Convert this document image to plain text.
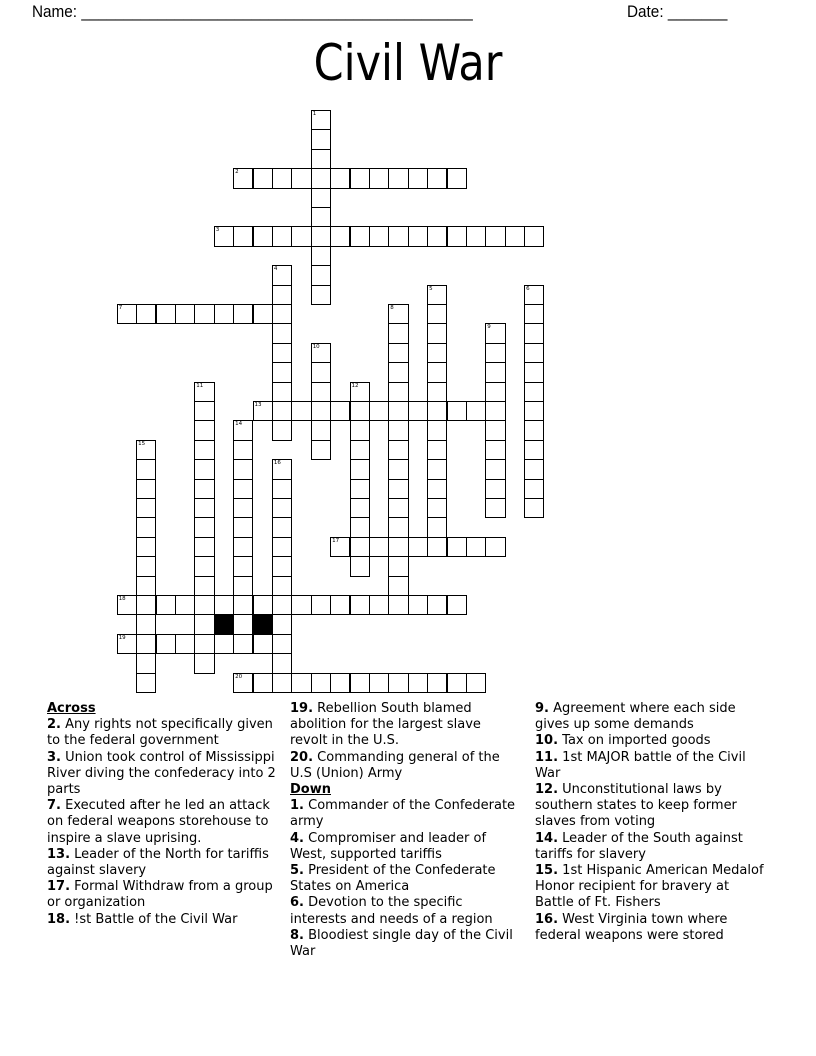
Name: ______________________________________________	Date: _______
Civil War
1
2
3
4
5	6
7	8
9
10
11	12
13
14
15
16
17
18
19
20
Across
2. Any rights not specifically given to the federal government
3. Union took control of Mississippi River diving the confederacy into 2 parts
7. Executed after he led an attack on federal weapons storehouse to inspire a slave uprising.
13. Leader of the North for tariffis against slavery
17. Formal Withdraw from a group or organization
18. !st Battle of the Civil War
19. Rebellion South blamed abolition for the largest slave revolt in the U.S.
20. Commanding general of the U.S (Union) Army
Down
1. Commander of the Confederate army
4. Compromiser and leader of West, supported tariffis
5. President of the Confederate States on America
6. Devotion to the specific interests and needs of a region
8. Bloodiest single day of the Civil War
9. Agreement where each side gives up some demands
10. Tax on imported goods
11. 1st MAJOR battle of the Civil War
12. Unconstitutional laws by southern states to keep former slaves from voting
14. Leader of the South against tariffs for slavery
15. 1st Hispanic American Medalof Honor recipient for bravery at Battle of Ft. Fishers
16. West Virginia town where federal weapons were stored
